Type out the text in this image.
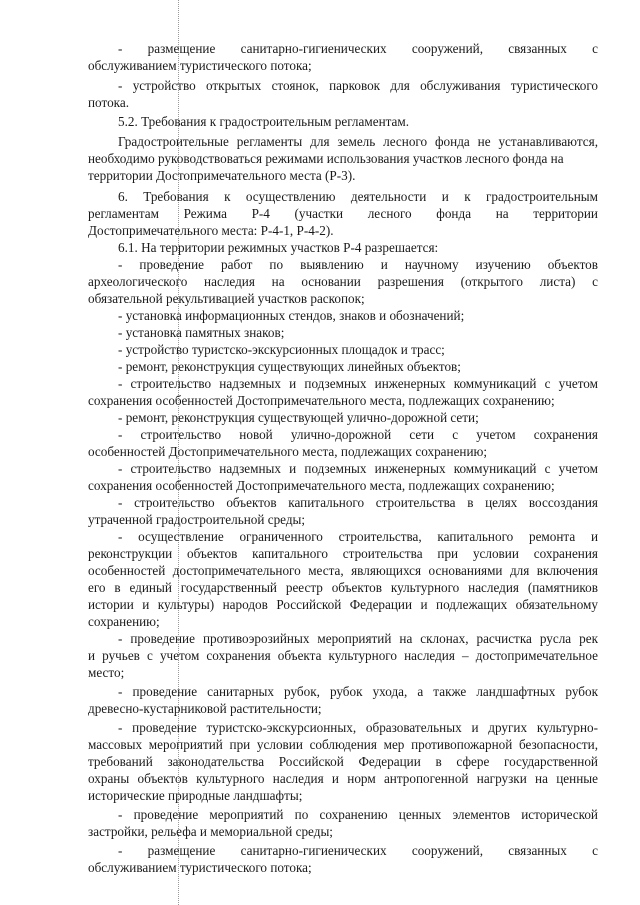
- размещение санитарно-гигиенических сооружений, связанных с
обслуживанием туристического потока;
- устройство открытых стоянок, парковок для обслуживания туристического
потока.
5.2. Требования к градостроительным регламентам.
Градостроительные регламенты для земель лесного фонда не устанавливаются,
необходимо руководствоваться режимами использования участков лесного фонда на
территории Достопримечательного места (Р-3).
6. Требования к осуществлению деятельности и к градостроительным
регламентам Режима Р-4 (участки лесного фонда на территории
Достопримечательного места: Р-4-1, Р-4-2).
6.1. На территории режимных участков Р-4 разрешается:
- проведение работ по выявлению и научному изучению объектов
археологического наследия на основании разрешения (открытого листа) с
обязательной рекультивацией участков раскопок;
- установка информационных стендов, знаков и обозначений;
- установка памятных знаков;
- устройство туристско-экскурсионных площадок и трасс;
- ремонт, реконструкция существующих линейных объектов;
- строительство надземных и подземных инженерных коммуникаций с учетом
сохранения особенностей Достопримечательного места, подлежащих сохранению;
- ремонт, реконструкция существующей улично-дорожной сети;
- строительство новой улично-дорожной сети с учетом сохранения
особенностей Достопримечательного места, подлежащих сохранению;
- строительство надземных и подземных инженерных коммуникаций с учетом
сохранения особенностей Достопримечательного места, подлежащих сохранению;
- строительство объектов капитального строительства в целях воссоздания
утраченной градостроительной среды;
- осуществление ограниченного строительства, капитального ремонта и
реконструкции объектов капитального строительства при условии сохранения
особенностей достопримечательного места, являющихся основаниями для включения
его в единый государственный реестр объектов культурного наследия (памятников
истории и культуры) народов Российской Федерации и подлежащих обязательному
сохранению;
- проведение противоэрозийных мероприятий на склонах, расчистка русла рек
и ручьев с учетом сохранения объекта культурного наследия – достопримечательное
место;
- проведение санитарных рубок, рубок ухода, а также ландшафтных рубок
древесно-кустарниковой растительности;
- проведение туристско-экскурсионных, образовательных и других культурно-
массовых мероприятий при условии соблюдения мер противопожарной безопасности,
требований законодательства Российской Федерации в сфере государственной
охраны объектов культурного наследия и норм антропогенной нагрузки на ценные
исторические природные ландшафты;
- проведение мероприятий по сохранению ценных элементов исторической
застройки, рельефа и мемориальной среды;
- размещение санитарно-гигиенических сооружений, связанных с
обслуживанием туристического потока;
